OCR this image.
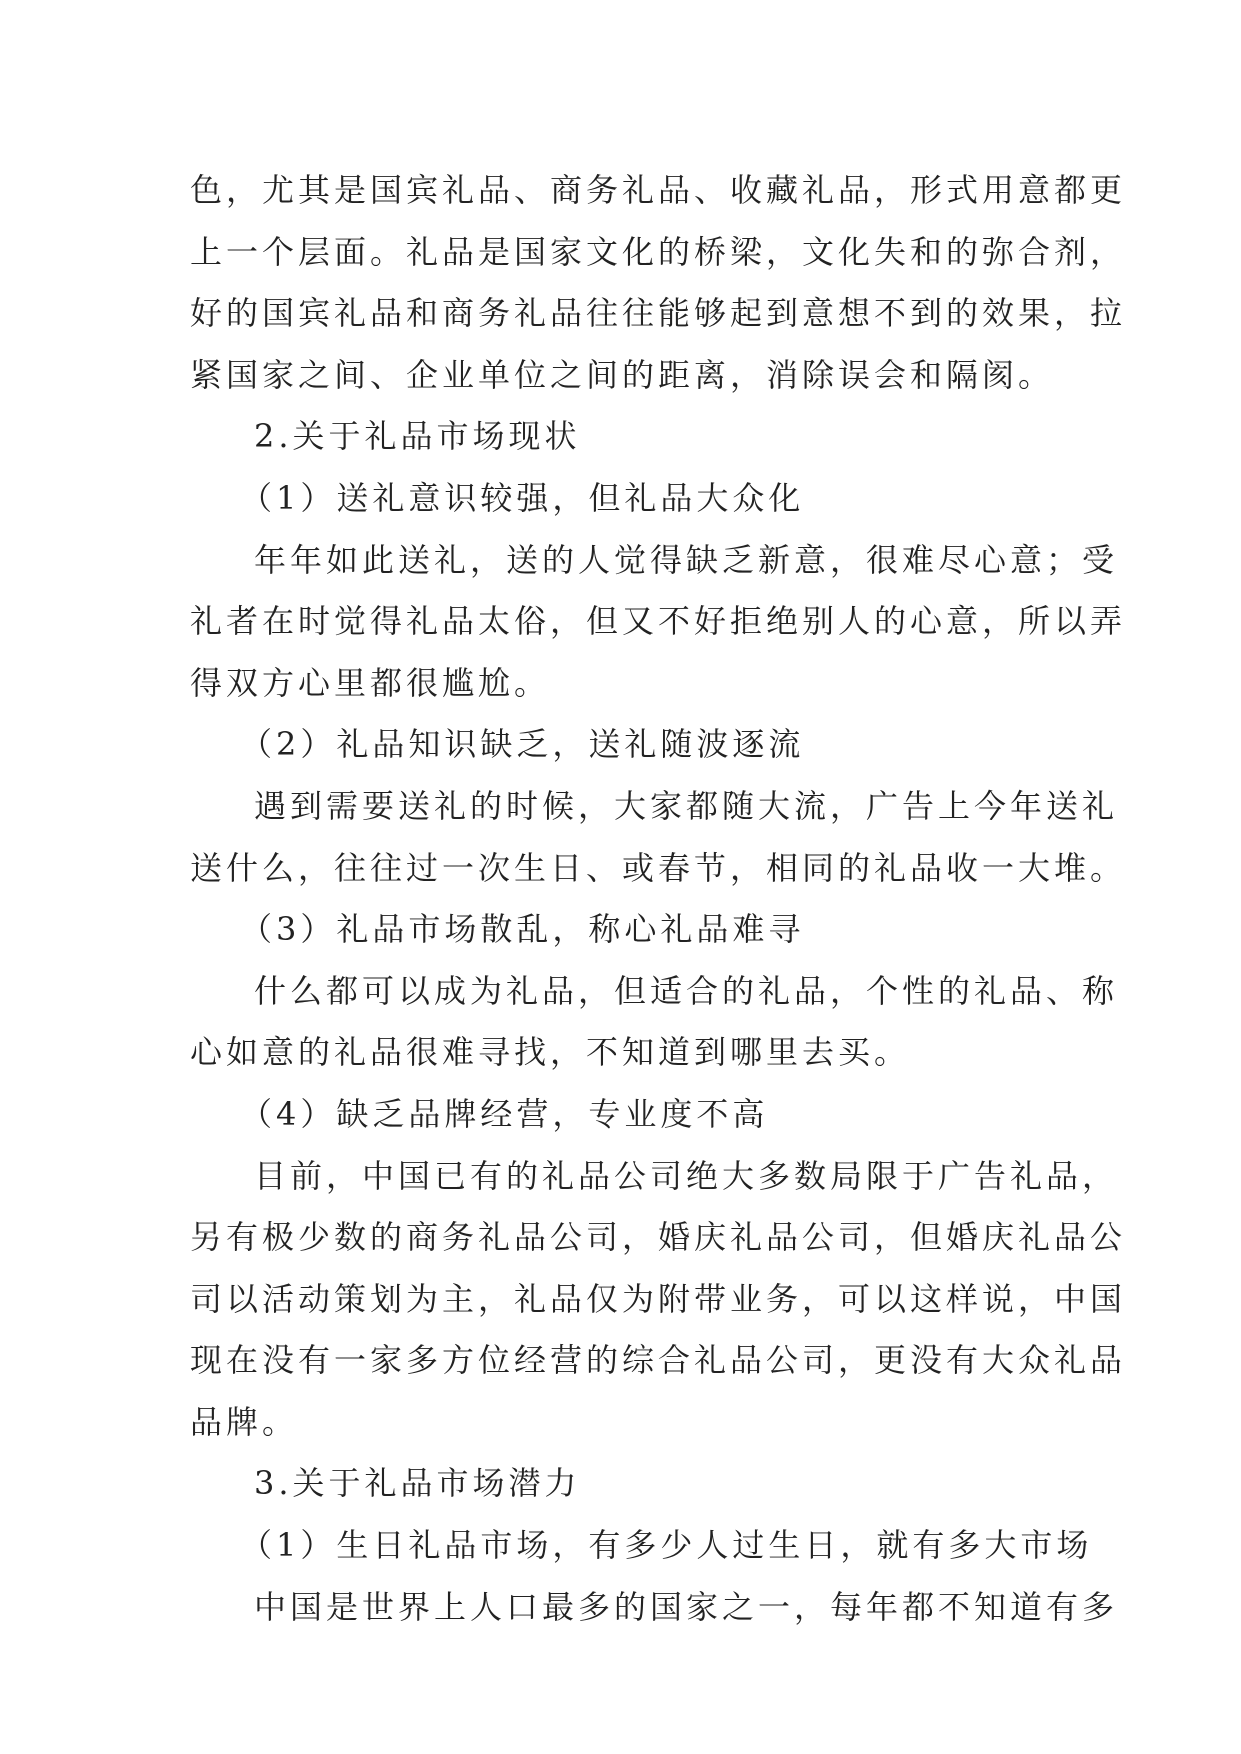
色，尤其是国宾礼品、商务礼品、收藏礼品，形式用意都更
上一个层面。礼品是国家文化的桥梁，文化失和的弥合剂，
好的国宾礼品和商务礼品往往能够起到意想不到的效果，拉
紧国家之间、企业单位之间的距离，消除误会和隔阂。
2.关于礼品市场现状
（1）送礼意识较强，但礼品大众化
年年如此送礼，送的人觉得缺乏新意，很难尽心意；受
礼者在时觉得礼品太俗，但又不好拒绝别人的心意，所以弄
得双方心里都很尴尬。
（2）礼品知识缺乏，送礼随波逐流
遇到需要送礼的时候，大家都随大流，广告上今年送礼
送什么，往往过一次生日、或春节，相同的礼品收一大堆。
（3）礼品市场散乱，称心礼品难寻
什么都可以成为礼品，但适合的礼品，个性的礼品、称
心如意的礼品很难寻找，不知道到哪里去买。
（4）缺乏品牌经营，专业度不高
目前，中国已有的礼品公司绝大多数局限于广告礼品，
另有极少数的商务礼品公司，婚庆礼品公司，但婚庆礼品公
司以活动策划为主，礼品仅为附带业务，可以这样说，中国
现在没有一家多方位经营的综合礼品公司，更没有大众礼品
品牌。
3.关于礼品市场潜力
（1）生日礼品市场，有多少人过生日，就有多大市场
中国是世界上人口最多的国家之一，每年都不知道有多
